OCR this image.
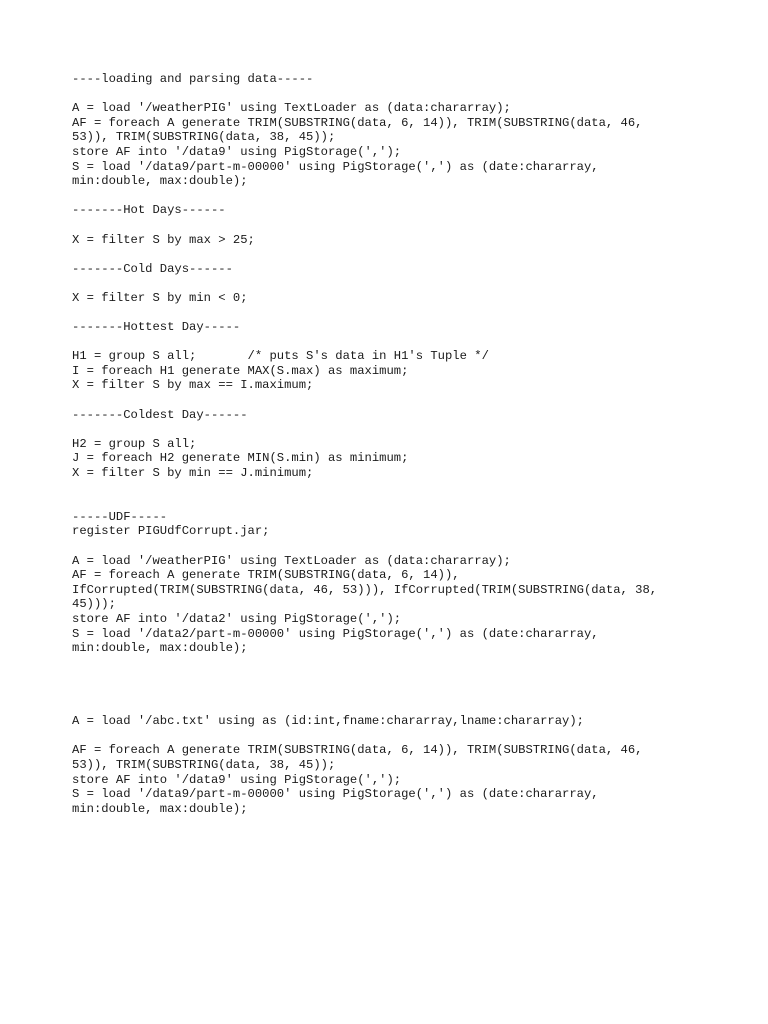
----loading and parsing data-----
A = load '/weatherPIG' using TextLoader as (data:chararray);
AF = foreach A generate TRIM(SUBSTRING(data, 6, 14)), TRIM(SUBSTRING(data, 46,
53)), TRIM(SUBSTRING(data, 38, 45));
store AF into '/data9' using PigStorage(',');
S = load '/data9/part-m-00000' using PigStorage(',') as (date:chararray,
min:double, max:double);
-------Hot Days------
X = filter S by max > 25;
-------Cold Days------
X = filter S by min < 0;
-------Hottest Day-----
H1 = group S all;       /* puts S's data in H1's Tuple */
I = foreach H1 generate MAX(S.max) as maximum;
X = filter S by max == I.maximum;
-------Coldest Day------
H2 = group S all;
J = foreach H2 generate MIN(S.min) as minimum;
X = filter S by min == J.minimum;
-----UDF-----
register PIGUdfCorrupt.jar;
A = load '/weatherPIG' using TextLoader as (data:chararray);
AF = foreach A generate TRIM(SUBSTRING(data, 6, 14)),
IfCorrupted(TRIM(SUBSTRING(data, 46, 53))), IfCorrupted(TRIM(SUBSTRING(data, 38,
45)));
store AF into '/data2' using PigStorage(',');
S = load '/data2/part-m-00000' using PigStorage(',') as (date:chararray,
min:double, max:double);
A = load '/abc.txt' using as (id:int,fname:chararray,lname:chararray);
AF = foreach A generate TRIM(SUBSTRING(data, 6, 14)), TRIM(SUBSTRING(data, 46,
53)), TRIM(SUBSTRING(data, 38, 45));
store AF into '/data9' using PigStorage(',');
S = load '/data9/part-m-00000' using PigStorage(',') as (date:chararray,
min:double, max:double);
